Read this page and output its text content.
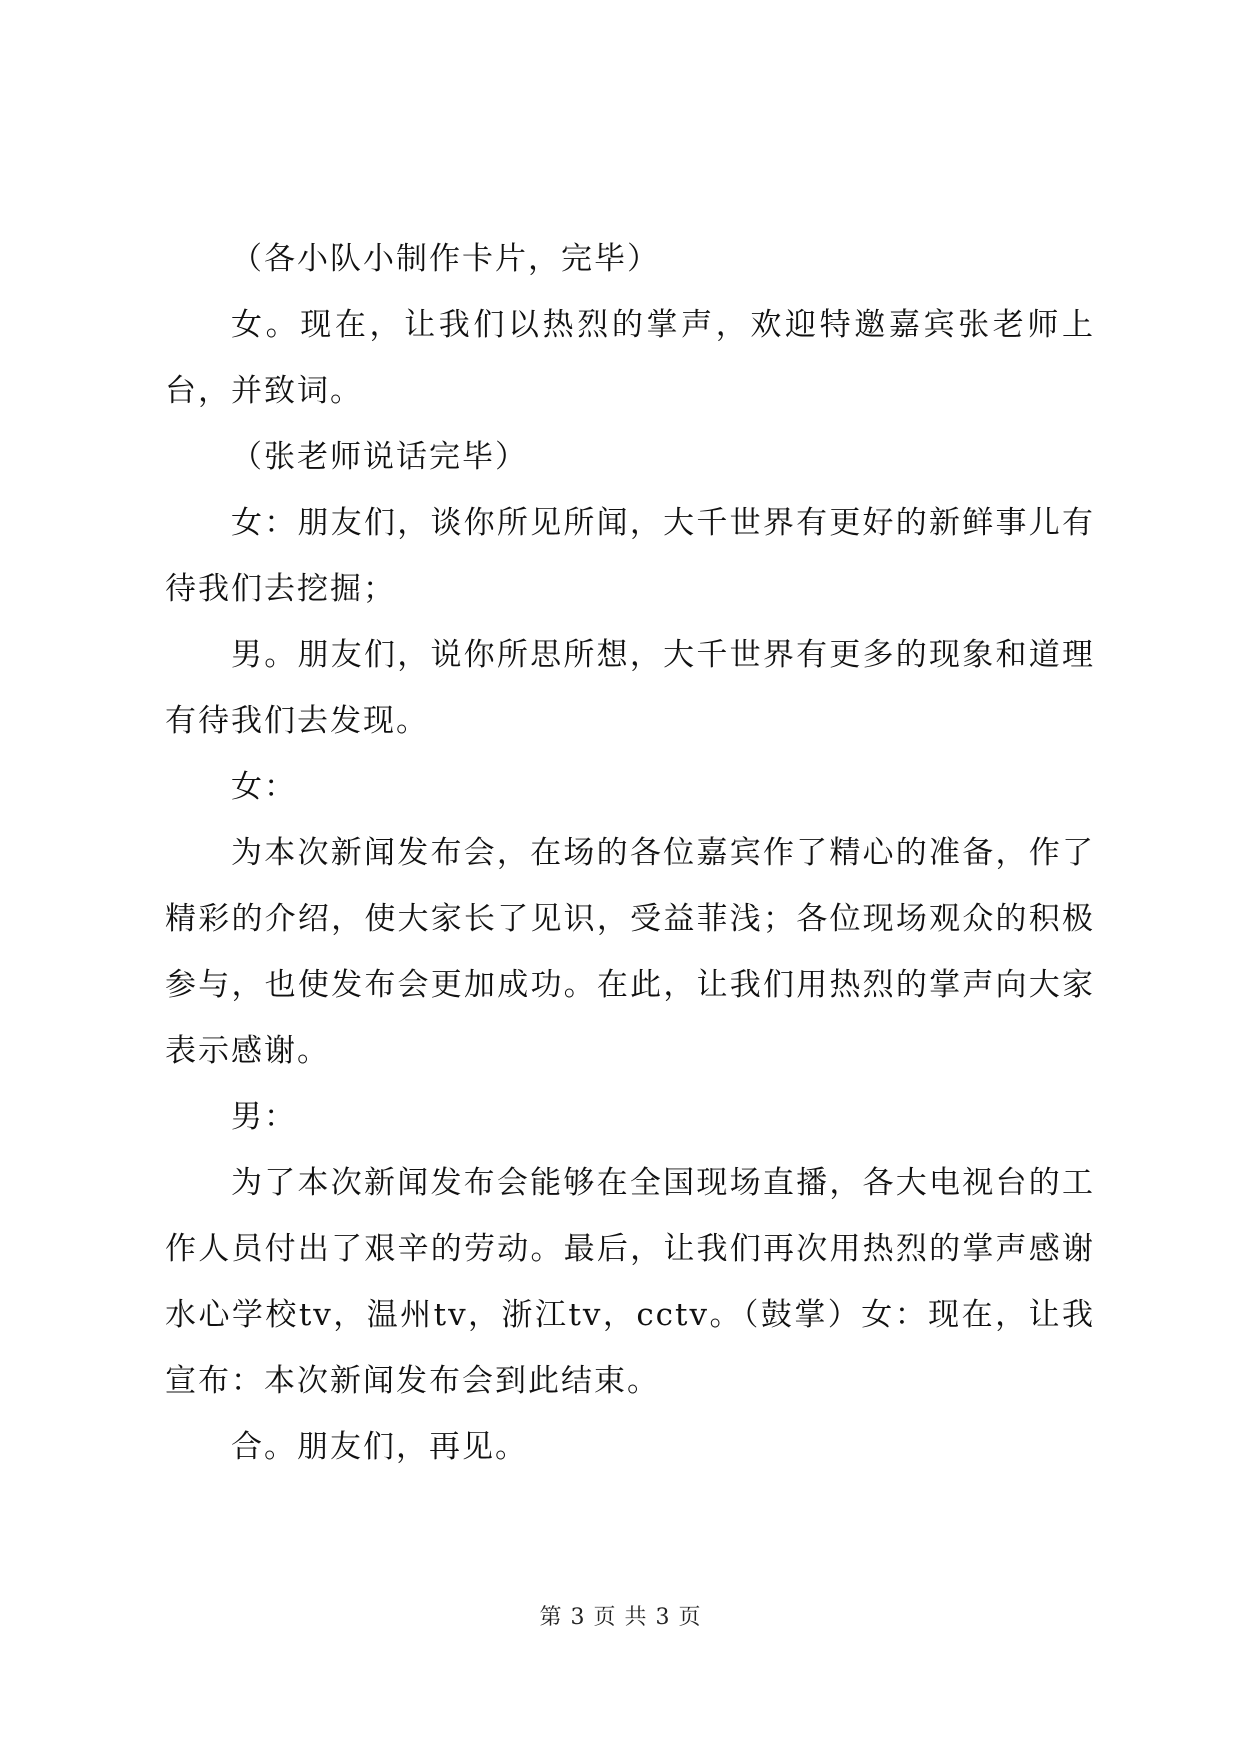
（各小队小制作卡片，完毕）

女。现在，让我们以热烈的掌声，欢迎特邀嘉宾张老师上台，并致词。

（张老师说话完毕）

女：朋友们，谈你所见所闻，大千世界有更好的新鲜事儿有待我们去挖掘；

男。朋友们，说你所思所想，大千世界有更多的现象和道理有待我们去发现。

女：

为本次新闻发布会，在场的各位嘉宾作了精心的准备，作了精彩的介绍，使大家长了见识，受益菲浅；各位现场观众的积极参与，也使发布会更加成功。在此，让我们用热烈的掌声向大家表示感谢。

男：

为了本次新闻发布会能够在全国现场直播，各大电视台的工作人员付出了艰辛的劳动。最后，让我们再次用热烈的掌声感谢水心学校tv，温州tv，浙江tv，cctv。（鼓掌）女：现在，让我宣布：本次新闻发布会到此结束。

合。朋友们，再见。

第 3 页 共 3 页
